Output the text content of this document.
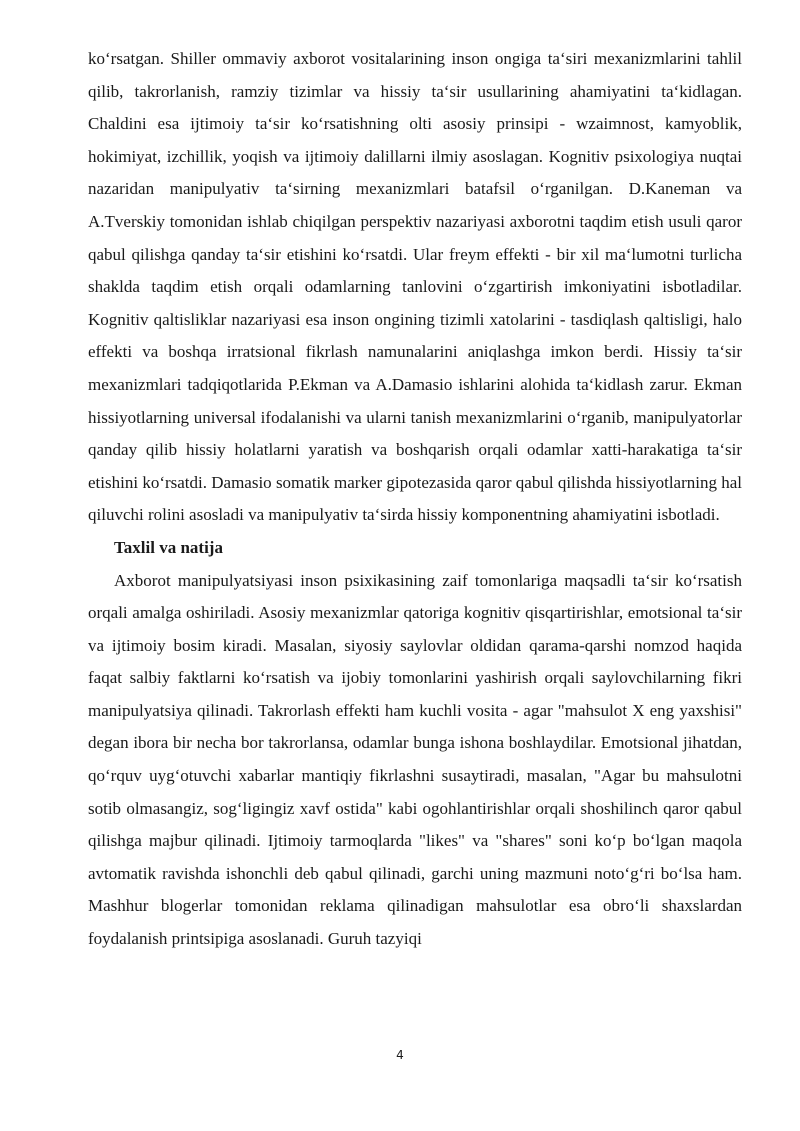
ko‘rsatgan. Shiller ommaviy axborot vositalarining inson ongiga ta‘siri mexanizmlarini tahlil qilib, takrorlanish, ramziy tizimlar va hissiy ta‘sir usullarining ahamiyatini ta‘kidlagan. Chaldini esa ijtimoiy ta‘sir ko‘rsatishning olti asosiy prinsipi - wzaimnost, kamyoblik, hokimiyat, izchillik, yoqish va ijtimoiy dalillarni ilmiy asoslagan. Kognitiv psixologiya nuqtai nazaridan manipulyativ ta‘sirning mexanizmlari batafsil o‘rganilgan. D.Kaneman va A.Tverskiy tomonidan ishlab chiqilgan perspektiv nazariyasi axborotni taqdim etish usuli qaror qabul qilishga qanday ta‘sir etishini ko‘rsatdi. Ular freym effekti - bir xil ma‘lumotni turlicha shaklda taqdim etish orqali odamlarning tanlovini o‘zgartirish imkoniyatini isbotladilar. Kognitiv qaltisliklar nazariyasi esa inson ongining tizimli xatolarini - tasdiqlash qaltisligi, halo effekti va boshqa irratsional fikrlash namunalarini aniqlashga imkon berdi. Hissiy ta‘sir mexanizmlari tadqiqotlarida P.Ekman va A.Damasio ishlarini alohida ta‘kidlash zarur. Ekman hissiyotlarning universal ifodalanishi va ularni tanish mexanizmlarini o‘rganib, manipulyatorlar qanday qilib hissiy holatlarni yaratish va boshqarish orqali odamlar xatti-harakatiga ta‘sir etishini ko‘rsatdi. Damasio somatik marker gipotezasida qaror qabul qilishda hissiyotlarning hal qiluvchi rolini asosladi va manipulyativ ta‘sirda hissiy komponentning ahamiyatini isbotladi.

Taxlil va natija

Axborot manipulyatsiyasi inson psixikasining zaif tomonlariga maqsadli ta‘sir ko‘rsatish orqali amalga oshiriladi. Asosiy mexanizmlar qatoriga kognitiv qisqartirishlar, emotsional ta‘sir va ijtimoiy bosim kiradi. Masalan, siyosiy saylovlar oldidan qarama-qarshi nomzod haqida faqat salbiy faktlarni ko‘rsatish va ijobiy tomonlarini yashirish orqali saylovchilarning fikri manipulyatsiya qilinadi. Takrorlash effekti ham kuchli vosita - agar "mahsulot X eng yaxshisi" degan ibora bir necha bor takrorlansa, odamlar bunga ishona boshlaydilar. Emotsional jihatdan, qo‘rquv uyg‘otuvchi xabarlar mantiqiy fikrlashni susaytiradi, masalan, "Agar bu mahsulotni sotib olmasangiz, sog‘ligingiz xavf ostida" kabi ogohlantirishlar orqali shoshilinch qaror qabul qilishga majbur qilinadi. Ijtimoiy tarmoqlarda "likes" va "shares" soni ko‘p bo‘lgan maqola avtomatik ravishda ishonchli deb qabul qilinadi, garchi uning mazmuni noto‘g‘ri bo‘lsa ham. Mashhur blogerlar tomonidan reklama qilinadigan mahsulotlar esa obro‘li shaxslardan foydalanish printsipiga asoslanadi. Guruh tazyiqi

4
